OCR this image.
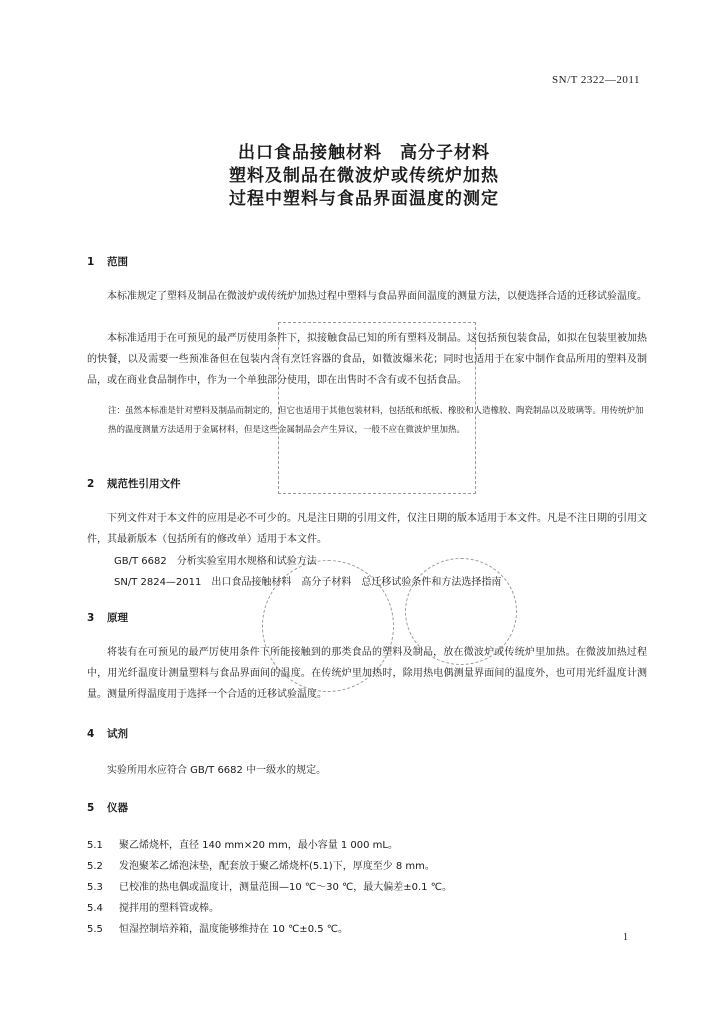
SN/T 2322—2011
出口食品接触材料　高分子材料
塑料及制品在微波炉或传统炉加热
过程中塑料与食品界面温度的测定
1 范围
本标准规定了塑料及制品在微波炉或传统炉加热过程中塑料与食品界面间温度的测量方法，以便选择合适的迁移试验温度。
本标准适用于在可预见的最严厉使用条件下，拟接触食品已知的所有塑料及制品。这包括预包装食品，如拟在包装里被加热的快餐，以及需要一些预准备但在包装内含有烹饪容器的食品，如微波爆米花；同时也适用于在家中制作食品所用的塑料及制品，或在商业食品制作中，作为一个单独部分使用，即在出售时不含有或不包括食品。
注：虽然本标准是针对塑料及制品而制定的，但它也适用于其他包装材料，包括纸和纸板、橡胶和人造橡胶、陶瓷制品以及玻璃等。用传统炉加热的温度测量方法适用于金属材料，但是这些金属制品会产生异议，一般不应在微波炉里加热。
2 规范性引用文件
下列文件对于本文件的应用是必不可少的。凡是注日期的引用文件，仅注日期的版本适用于本文件。凡是不注日期的引用文件，其最新版本（包括所有的修改单）适用于本文件。
GB/T 6682　分析实验室用水规格和试验方法
SN/T 2824—2011　出口食品接触材料　高分子材料　总迁移试验条件和方法选择指南
3 原理
将装有在可预见的最严厉使用条件下所能接触到的那类食品的塑料及制品，放在微波炉或传统炉里加热。在微波加热过程中，用光纤温度计测量塑料与食品界面间的温度。在传统炉里加热时，除用热电偶测量界面间的温度外，也可用光纤温度计测量。测量所得温度用于选择一个合适的迁移试验温度。
4 试剂
实验所用水应符合 GB/T 6682 中一级水的规定。
5 仪器
5.1 聚乙烯烧杯，直径 140 mm×20 mm，最小容量 1 000 mL。
5.2 发泡聚苯乙烯泡沫垫，配套放于聚乙烯烧杯(5.1)下，厚度至少 8 mm。
5.3 已校准的热电偶或温度计，测量范围—10 ℃～30 ℃，最大偏差±0.1 ℃。
5.4 搅拌用的塑料管或棒。
5.5 恒湿控制培养箱，温度能够维持在 10 ℃±0.5 ℃。
1
